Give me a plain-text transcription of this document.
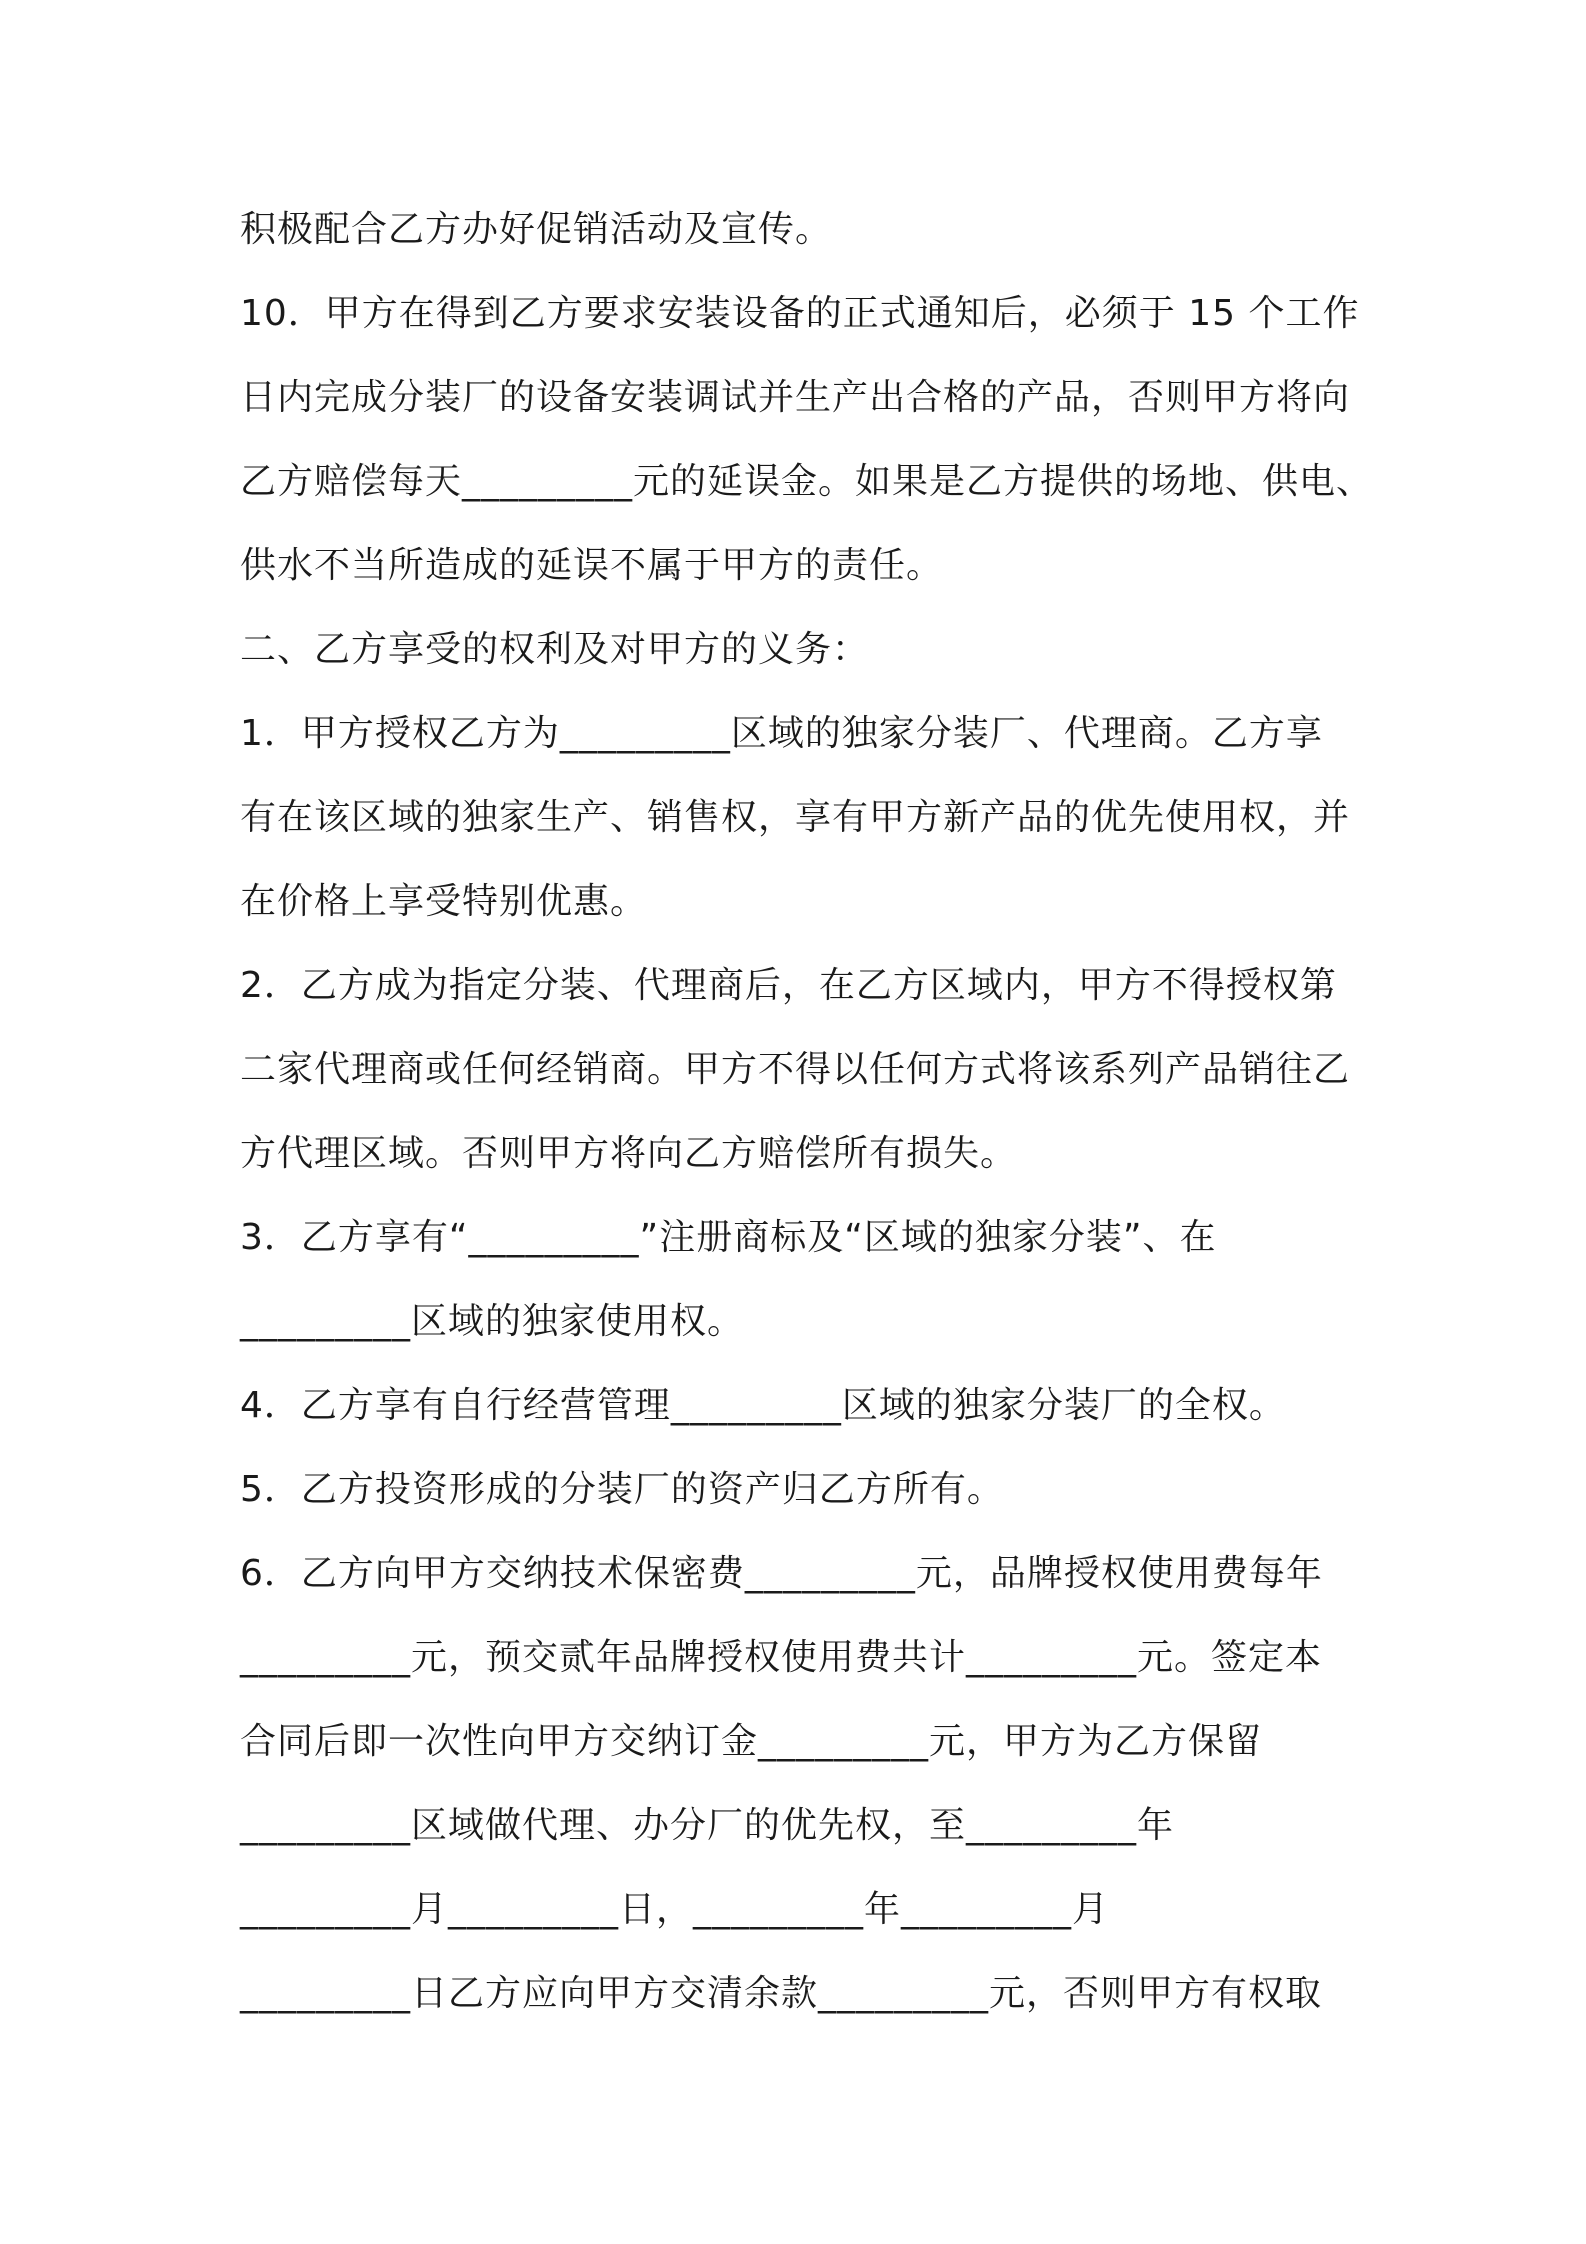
积极配合乙方办好促销活动及宣传。

10．甲方在得到乙方要求安装设备的正式通知后，必须于 15 个工作

日内完成分装厂的设备安装调试并生产出合格的产品，否则甲方将向

乙方赔偿每天_________元的延误金。如果是乙方提供的场地、供电、

供水不当所造成的延误不属于甲方的责任。

二、乙方享受的权利及对甲方的义务：

1．甲方授权乙方为_________区域的独家分装厂、代理商。乙方享

有在该区域的独家生产、销售权，享有甲方新产品的优先使用权，并

在价格上享受特别优惠。

2．乙方成为指定分装、代理商后，在乙方区域内，甲方不得授权第

二家代理商或任何经销商。甲方不得以任何方式将该系列产品销往乙

方代理区域。否则甲方将向乙方赔偿所有损失。

3．乙方享有“_________”注册商标及“区域的独家分装”、在

_________区域的独家使用权。

4．乙方享有自行经营管理_________区域的独家分装厂的全权。

5．乙方投资形成的分装厂的资产归乙方所有。

6．乙方向甲方交纳技术保密费_________元，品牌授权使用费每年

_________元，预交贰年品牌授权使用费共计_________元。签定本

合同后即一次性向甲方交纳订金_________元，甲方为乙方保留

_________区域做代理、办分厂的优先权，至_________年

_________月_________日，_________年_________月

_________日乙方应向甲方交清余款_________元，否则甲方有权取
